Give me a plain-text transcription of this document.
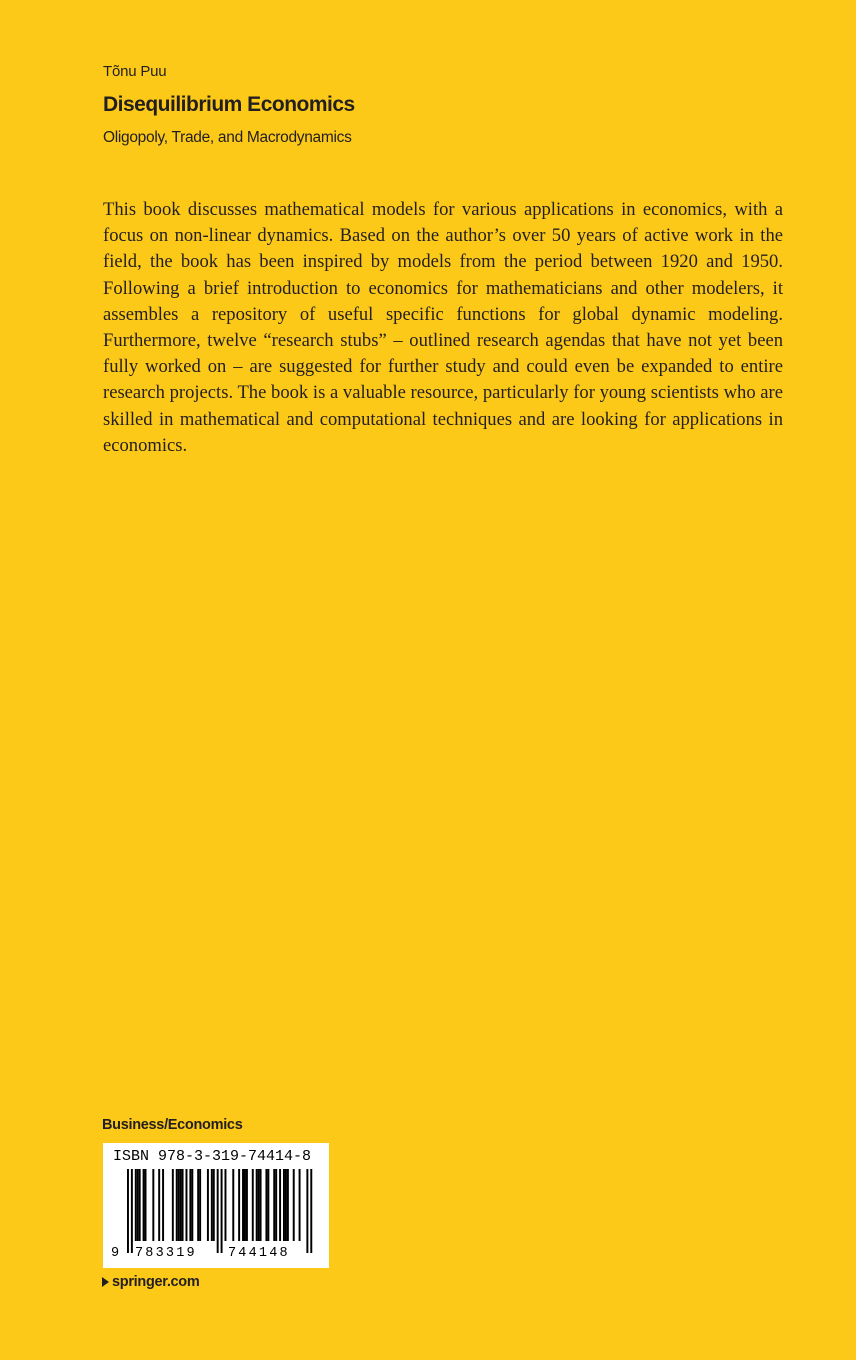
Tõnu Puu
Disequilibrium Economics
Oligopoly, Trade, and Macrodynamics

This book discusses mathematical models for various applications in economics, with a focus on non-linear dynamics. Based on the author’s over 50 years of active work in the field, the book has been inspired by models from the period between 1920 and 1950. Following a brief introduction to economics for mathematicians and other modelers, it assembles a repository of useful specific functions for global dynamic modeling. Furthermore, twelve “research stubs” – outlined research agendas that have not yet been fully worked on – are suggested for further study and could even be expanded to entire research projects. The book is a valuable resource, particularly for young scientists who are skilled in mathematical and computational techniques and are looking for applications in economics.

Business/Economics
ISBN 978-3-319-74414-8
9 783319 744148
springer.com
